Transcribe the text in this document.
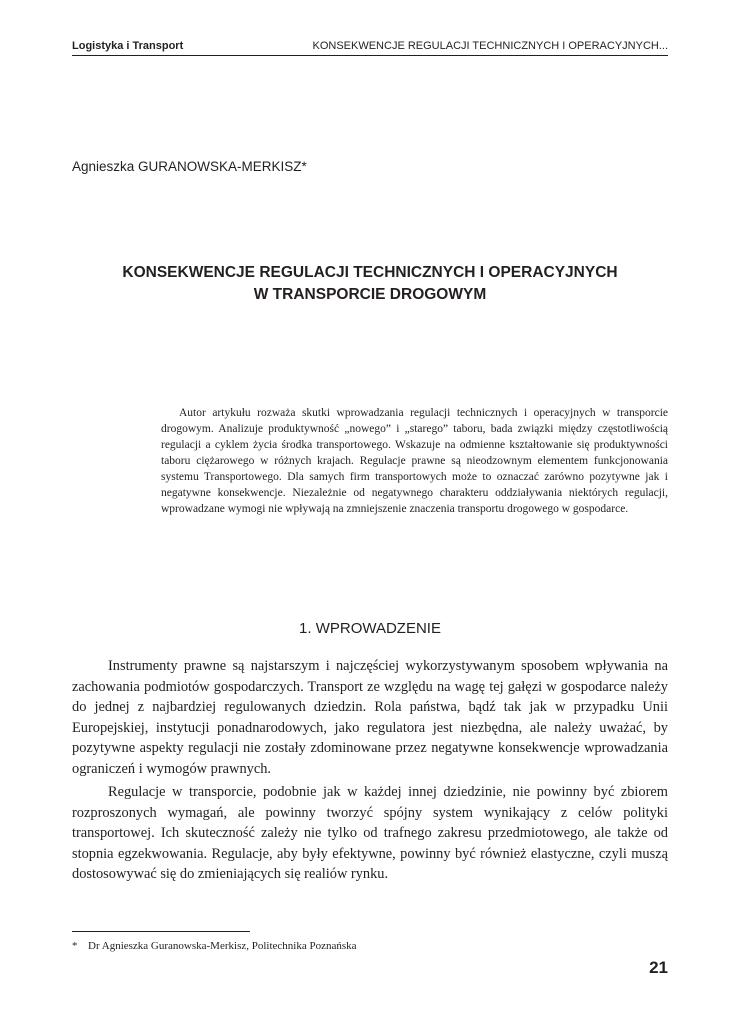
Logistyka i Transport	KONSEKWENCJE REGULACJI TECHNICZNYCH I OPERACYJNYCH...
Agnieszka GURANOWSKA-MERKISZ*
KONSEKWENCJE REGULACJI TECHNICZNYCH I OPERACYJNYCH
W TRANSPORCIE DROGOWYM

Autor artykułu rozważa skutki wprowadzania regulacji technicznych i operacyjnych w transporcie drogowym. Analizuje produktywność „nowego” i „starego” taboru, bada związki między częstotliwością regulacji a cyklem życia środka transportowego. Wskazuje na odmienne kształtowanie się produktywności taboru ciężarowego w różnych krajach. Regulacje prawne są nieodzownym elementem funkcjonowania systemu Transportowego. Dla samych firm transportowych może to oznaczać zarówno pozytywne jak i negatywne konsekwencje. Niezależnie od negatywnego charakteru oddziaływania niektórych regulacji, wprowadzane wymogi nie wpływają na zmniejszenie znaczenia transportu drogowego w gospodarce.

1. WPROWADZENIE

Instrumenty prawne są najstarszym i najczęściej wykorzystywanym sposobem wpływania na zachowania podmiotów gospodarczych. Transport ze względu na wagę tej gałęzi w gospodarce należy do jednej z najbardziej regulowanych dziedzin. Rola państwa, bądź tak jak w przypadku Unii Europejskiej, instytucji ponadnarodowych, jako regulatora jest niezbędna, ale należy uważać, by pozytywne aspekty regulacji nie zostały zdominowane przez negatywne konsekwencje wprowadzania ograniczeń i wymogów prawnych.

Regulacje w transporcie, podobnie jak w każdej innej dziedzinie, nie powinny być zbiorem rozproszonych wymagań, ale powinny tworzyć spójny system wynikający z celów polityki transportowej. Ich skuteczność zależy nie tylko od trafnego zakresu przedmiotowego, ale także od stopnia egzekwowania. Regulacje, aby były efektywne, powinny być również elastyczne, czyli muszą dostosowywać się do zmieniających się realiów rynku.

* Dr Agnieszka Guranowska-Merkisz, Politechnika Poznańska
21
